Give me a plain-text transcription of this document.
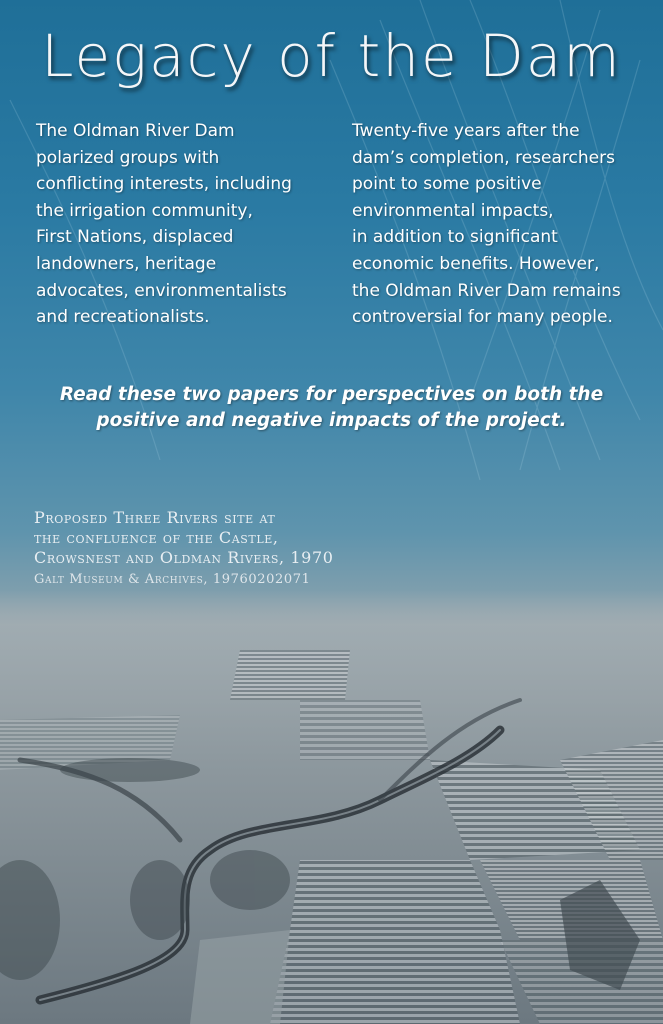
Legacy of the Dam
The Oldman River Dam
polarized groups with
conflicting interests, including
the irrigation community,
First Nations, displaced
landowners, heritage
advocates, environmentalists
and recreationalists.
Twenty-five years after the
dam’s completion, researchers
point to some positive
environmental impacts,
in addition to significant
economic benefits. However,
the Oldman River Dam remains
controversial for many people.
Read these two papers for perspectives on both the
positive and negative impacts of the project.
Proposed Three Rivers site at
the confluence of the Castle,
Crowsnest and Oldman Rivers, 1970
Galt Museum & Archives, 19760202071
